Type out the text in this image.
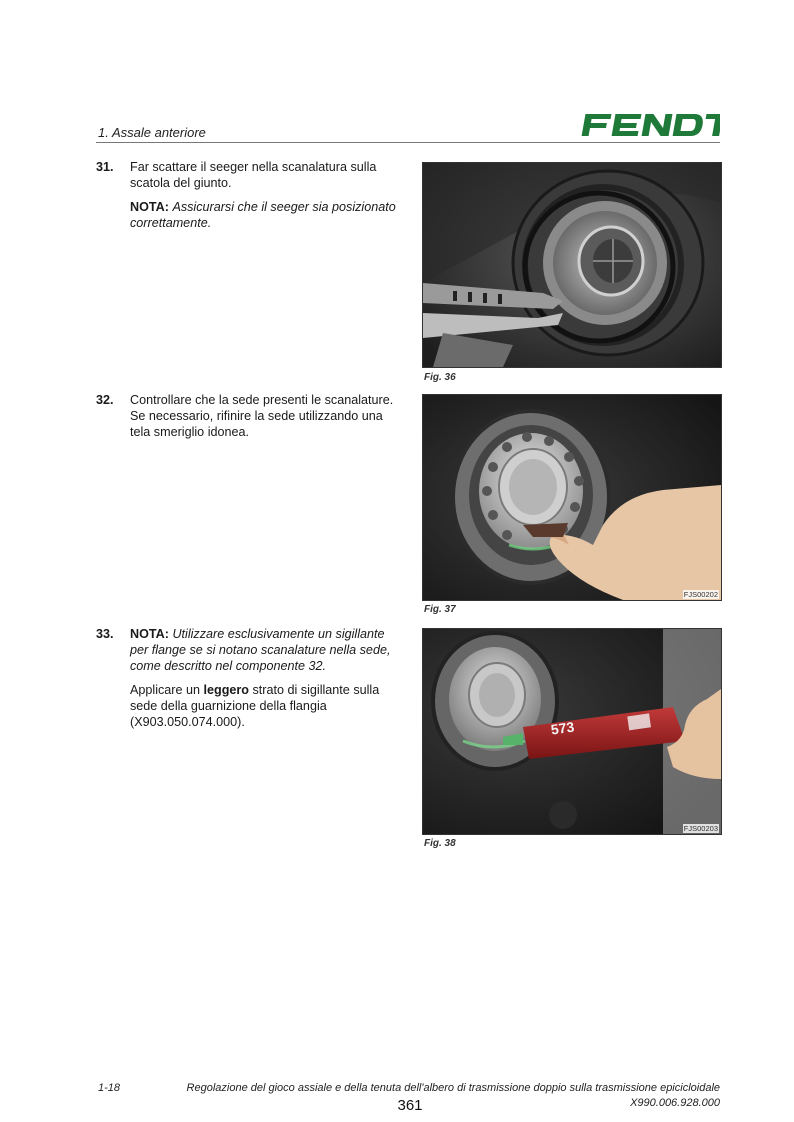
1. Assale anteriore
31. Far scattare il seeger nella scanalatura sulla scatola del giunto.

NOTA: Assicurarsi che il seeger sia posizionato correttamente.

32. Controllare che la sede presenti le scanalature. Se necessario, rifinire la sede utilizzando una tela smeriglio idonea.

33. NOTA: Utilizzare esclusivamente un sigillante per flange se si notano scanalature nella sede, come descritto nel componente 32.

Applicare un leggero strato di sigillante sulla sede della guarnizione della flangia (X903.050.074.000).

Fig. 36
FJS00202
Fig. 37
573
FJS00203
Fig. 38
1-18	Regolazione del gioco assiale e della tenuta dell'albero di trasmissione doppio sulla trasmissione epicicloidale
361	X990.006.928.000
